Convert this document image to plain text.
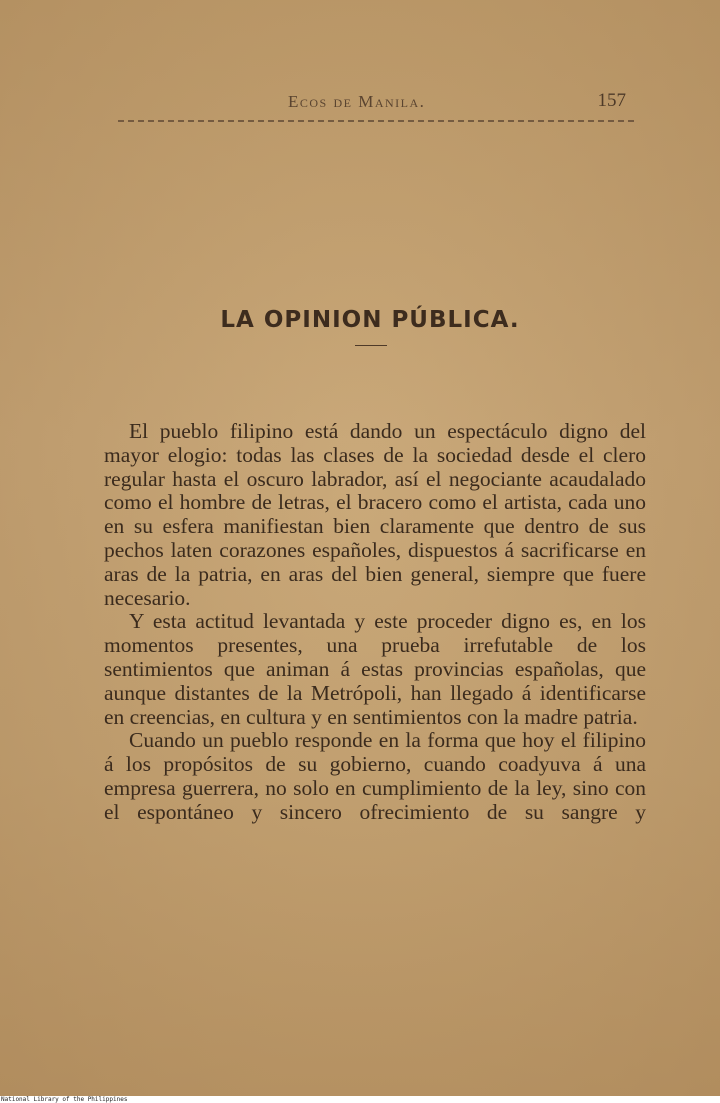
Ecos de Manila.	157
LA OPINION PÚBLICA.

El pueblo filipino está dando un espectáculo digno del mayor elogio: todas las clases de la sociedad desde el clero regular hasta el oscuro labrador, así el negociante acaudalado como el hombre de letras, el bracero como el artista, cada uno en su esfera manifiestan bien claramente que dentro de sus pechos laten corazones españoles, dispuestos á sacrificarse en aras de la patria, en aras del bien general, siempre que fuere necesario.

Y esta actitud levantada y este proceder digno es, en los momentos presentes, una prueba irrefutable de los sentimientos que animan á estas provincias españolas, que aunque distantes de la Metrópoli, han llegado á identificarse en creencias, en cultura y en sentimientos con la madre patria.

Cuando un pueblo responde en la forma que hoy el filipino á los propósitos de su gobierno, cuando coadyuva á una empresa guerrera, no solo en cumplimiento de la ley, sino con el espontáneo y sincero ofrecimiento de su sangre y

National Library of the Philippines
